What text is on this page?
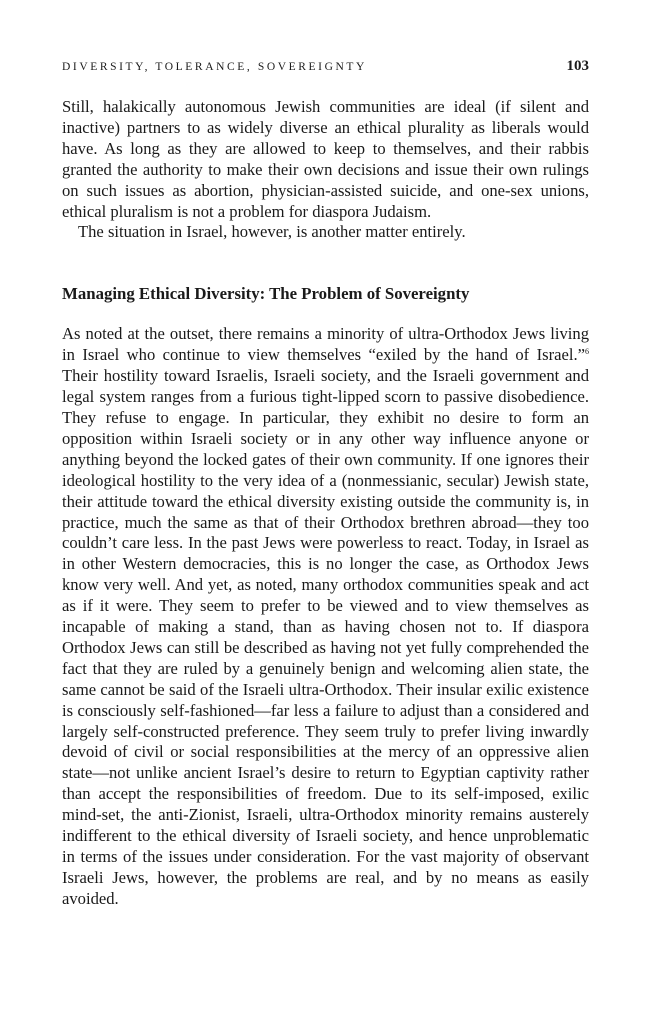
DIVERSITY, TOLERANCE, SOVEREIGNTY	103

Still, halakically autonomous Jewish communities are ideal (if silent and inactive) partners to as widely diverse an ethical plurality as liberals would have. As long as they are allowed to keep to themselves, and their rabbis granted the authority to make their own decisions and issue their own rulings on such issues as abortion, physician-assisted suicide, and one-sex unions, ethical pluralism is not a problem for diaspora Judaism.

The situation in Israel, however, is another matter entirely.

Managing Ethical Diversity: The Problem of Sovereignty

As noted at the outset, there remains a minority of ultra-Orthodox Jews living in Israel who continue to view themselves “exiled by the hand of Israel.”$^6$ Their hostility toward Israelis, Israeli society, and the Israeli government and legal system ranges from a furious tight-lipped scorn to passive disobedience. They refuse to engage. In particular, they exhibit no desire to form an opposition within Israeli society or in any other way influence anyone or anything beyond the locked gates of their own community. If one ignores their ideological hostility to the very idea of a (nonmessianic, secular) Jewish state, their attitude toward the ethical diversity existing outside the community is, in practice, much the same as that of their Orthodox brethren abroad—they too couldn’t care less. In the past Jews were powerless to react. Today, in Israel as in other Western democracies, this is no longer the case, as Orthodox Jews know very well. And yet, as noted, many orthodox communities speak and act as if it were. They seem to prefer to be viewed and to view themselves as incapable of making a stand, than as having chosen not to. If diaspora Orthodox Jews can still be described as having not yet fully comprehended the fact that they are ruled by a genuinely benign and welcoming alien state, the same cannot be said of the Israeli ultra-Orthodox. Their insular exilic existence is consciously self-fashioned—far less a failure to adjust than a considered and largely self-constructed preference. They seem truly to prefer living inwardly devoid of civil or social responsibilities at the mercy of an oppressive alien state—not unlike ancient Israel’s desire to return to Egyptian captivity rather than accept the responsibilities of freedom. Due to its self-imposed, exilic mind-set, the anti-Zionist, Israeli, ultra-Orthodox minority remains austerely indifferent to the ethical diversity of Israeli society, and hence unproblematic in terms of the issues under consideration. For the vast majority of observant Israeli Jews, however, the problems are real, and by no means as easily avoided.
